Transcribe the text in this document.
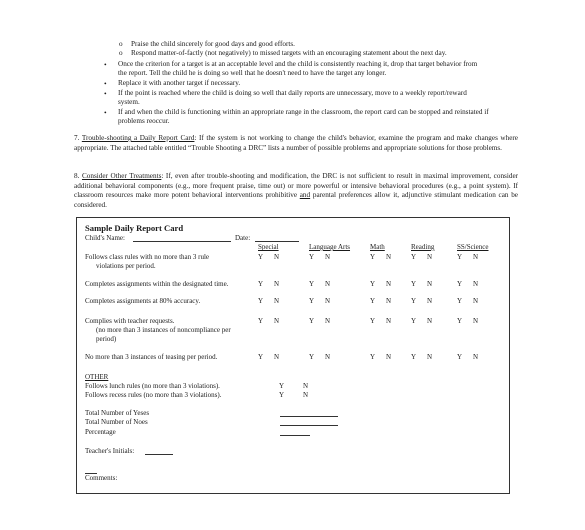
o Praise the child sincerely for good days and good efforts.
o Respond matter-of-factly (not negatively) to missed targets with an encouraging statement about the next day.
• Once the criterion for a target is at an acceptable level and the child is consistently reaching it, drop that target behavior from
the report. Tell the child he is doing so well that he doesn't need to have the target any longer.
• Replace it with another target if necessary.
• If the point is reached where the child is doing so well that daily reports are unnecessary, move to a weekly report/reward
system.
• If and when the child is functioning within an appropriate range in the classroom, the report card can be stopped and reinstated if
problems reoccur.
7. Trouble-shooting a Daily Report Card: If the system is not working to change the child's behavior, examine the program and make changes where appropriate. The attached table entitled “Trouble Shooting a DRC” lists a number of possible problems and appropriate solutions for those problems.
8. Consider Other Treatments: If, even after trouble-shooting and modification, the DRC is not sufficient to result in maximal improvement, consider additional behavioral components (e.g., more frequent praise, time out) or more powerful or intensive behavioral procedures (e.g., a point system). If classroom resources make more potent behavioral interventions prohibitive and parental preferences allow it, adjunctive stimulant medication can be considered.
Sample Daily Report Card
Child's Name:	Date:
Special	Language Arts	Math	Reading	SS/Science
Follows class rules with no more than 3 rule
violations per period.
Y N	Y N	Y N	Y N	Y N
Completes assignments within the designated time.	Y N	Y N	Y N	Y N	Y N
Completes assignments at 80% accuracy.	Y N	Y N	Y N	Y N	Y N
Complies with teacher requests.
(no more than 3 instances of noncompliance per
period)
Y N	Y N	Y N	Y N	Y N
No more than 3 instances of teasing per period.	Y N	Y N	Y N	Y N	Y N
OTHER
Follows lunch rules (no more than 3 violations).	Y	N
Follows recess rules (no more than 3 violations).	Y	N
Total Number of Yeses
Total Number of Noes
Percentage
Teacher's Initials:
Comments:
